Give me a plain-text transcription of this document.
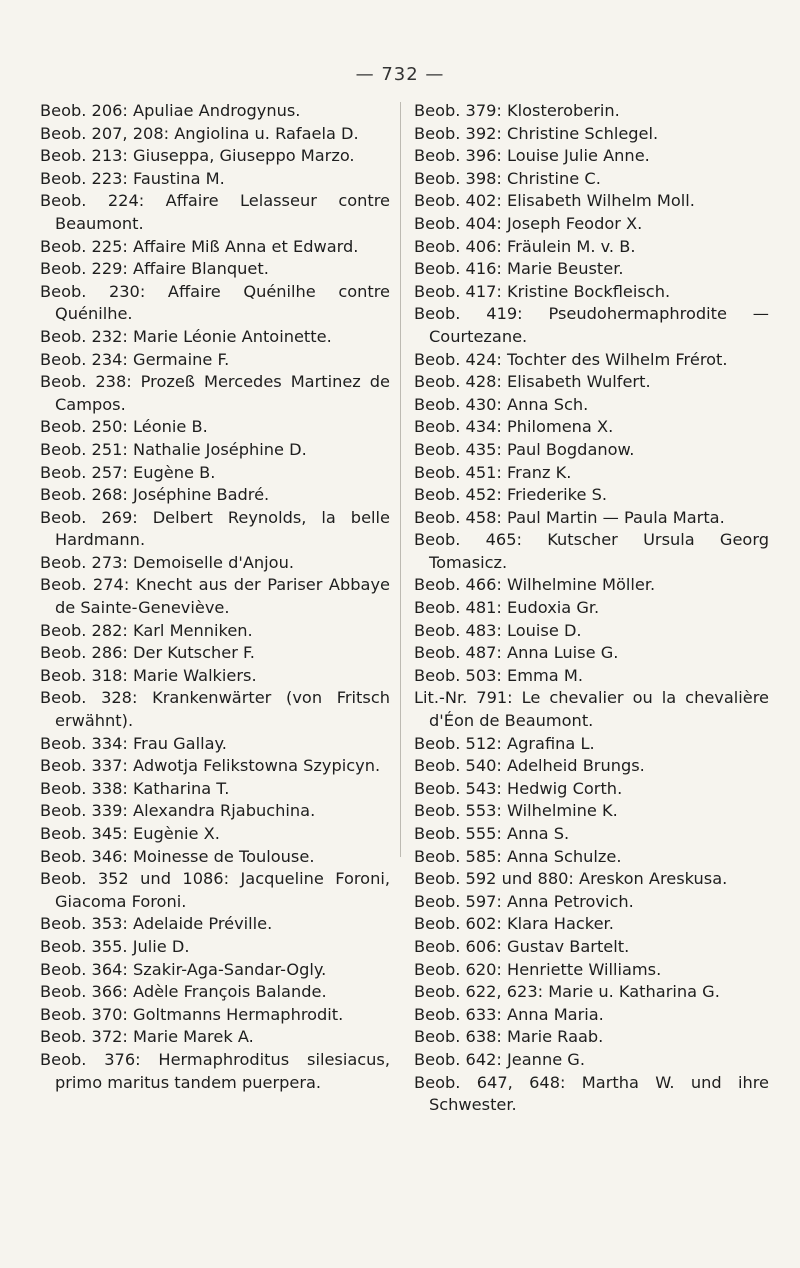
— 732 —

Beob. 206: Apuliae Androgynus.

Beob. 207, 208: Angiolina u. Rafaela D.

Beob. 213: Giuseppa, Giuseppo Marzo.

Beob. 223: Faustina M.

Beob. 224: Affaire Lelasseur contre Beaumont.

Beob. 225: Affaire Miß Anna et Edward.

Beob. 229: Affaire Blanquet.

Beob. 230: Affaire Quénilhe contre Quénilhe.

Beob. 232: Marie Léonie Antoinette.

Beob. 234: Germaine F.

Beob. 238: Prozeß Mercedes Martinez de Campos.

Beob. 250: Léonie B.

Beob. 251: Nathalie Joséphine D.

Beob. 257: Eugène B.

Beob. 268: Joséphine Badré.

Beob. 269: Delbert Reynolds, la belle Hardmann.

Beob. 273: Demoiselle d'Anjou.

Beob. 274: Knecht aus der Pariser Abbaye de Sainte-Geneviève.

Beob. 282: Karl Menniken.

Beob. 286: Der Kutscher F.

Beob. 318: Marie Walkiers.

Beob. 328: Krankenwärter (von Fritsch erwähnt).

Beob. 334: Frau Gallay.

Beob. 337: Adwotja Felikstowna Szypicyn.

Beob. 338: Katharina T.

Beob. 339: Alexandra Rjabuchina.

Beob. 345: Eugènie X.

Beob. 346: Moinesse de Toulouse.

Beob. 352 und 1086: Jacqueline Foroni, Giacoma Foroni.

Beob. 353: Adelaide Préville.

Beob. 355. Julie D.

Beob. 364: Szakir-Aga-Sandar-Ogly.

Beob. 366: Adèle François Balande.

Beob. 370: Goltmanns Hermaphrodit.

Beob. 372: Marie Marek A.

Beob. 376: Hermaphroditus silesiacus, primo maritus tandem puerpera.

Beob. 379: Klosteroberin.

Beob. 392: Christine Schlegel.

Beob. 396: Louise Julie Anne.

Beob. 398: Christine C.

Beob. 402: Elisabeth Wilhelm Moll.

Beob. 404: Joseph Feodor X.

Beob. 406: Fräulein M. v. B.

Beob. 416: Marie Beuster.

Beob. 417: Kristine Bockfleisch.

Beob. 419: Pseudohermaphrodite — Courtezane.

Beob. 424: Tochter des Wilhelm Frérot.

Beob. 428: Elisabeth Wulfert.

Beob. 430: Anna Sch.

Beob. 434: Philomena X.

Beob. 435: Paul Bogdanow.

Beob. 451: Franz K.

Beob. 452: Friederike S.

Beob. 458: Paul Martin — Paula Marta.

Beob. 465: Kutscher Ursula Georg Tomasicz.

Beob. 466: Wilhelmine Möller.

Beob. 481: Eudoxia Gr.

Beob. 483: Louise D.

Beob. 487: Anna Luise G.

Beob. 503: Emma M.

Lit.-Nr. 791: Le chevalier ou la chevalière d'Éon de Beaumont.

Beob. 512: Agrafina L.

Beob. 540: Adelheid Brungs.

Beob. 543: Hedwig Corth.

Beob. 553: Wilhelmine K.

Beob. 555: Anna S.

Beob. 585: Anna Schulze.

Beob. 592 und 880: Areskon Areskusa.

Beob. 597: Anna Petrovich.

Beob. 602: Klara Hacker.

Beob. 606: Gustav Bartelt.

Beob. 620: Henriette Williams.

Beob. 622, 623: Marie u. Katharina G.

Beob. 633: Anna Maria.

Beob. 638: Marie Raab.

Beob. 642: Jeanne G.

Beob. 647, 648: Martha W. und ihre Schwester.
